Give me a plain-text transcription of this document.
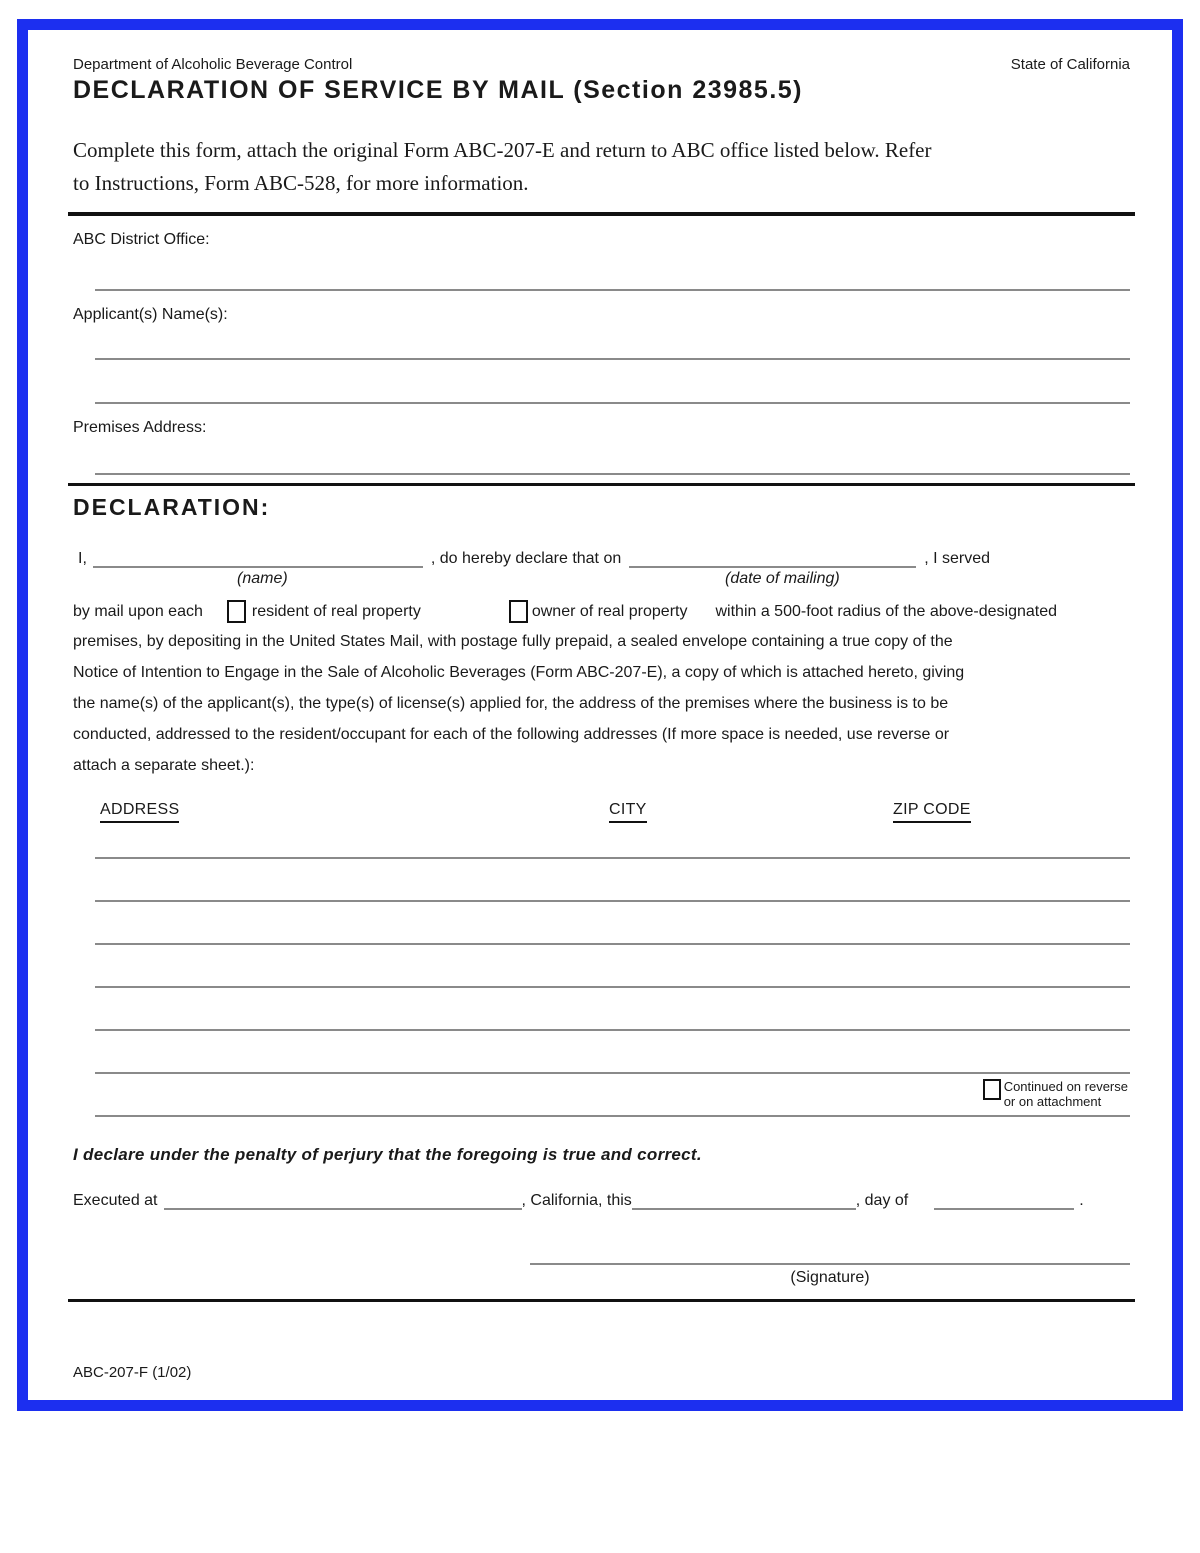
Department of Alcoholic Beverage Control	State of California
DECLARATION OF SERVICE BY MAIL (Section 23985.5)
Complete this form, attach the original Form ABC-207-E and return to ABC office listed below. Refer
to Instructions, Form ABC-528, for more information.
ABC District Office:
Applicant(s) Name(s):
Premises Address:
DECLARATION:
I,	, do hereby declare that on	, I served
(name)	(date of mailing)
by mail upon each	resident of real property	owner of real property within a 500-foot radius of the above-designated
premises, by depositing in the United States Mail, with postage fully prepaid, a sealed envelope containing a true copy of the
Notice of Intention to Engage in the Sale of Alcoholic Beverages (Form ABC-207-E), a copy of which is attached hereto, giving
the name(s) of the applicant(s), the type(s) of license(s) applied for, the address of the premises where the business is to be
conducted, addressed to the resident/occupant for each of the following addresses (If more space is needed, use reverse or
attach a separate sheet.):
ADDRESS	CITY	ZIP CODE
Continued on reverse
or on attachment
I declare under the penalty of perjury that the foregoing is true and correct.
Executed at	, California, this	, day of	.
(Signature)
ABC-207-F (1/02)
